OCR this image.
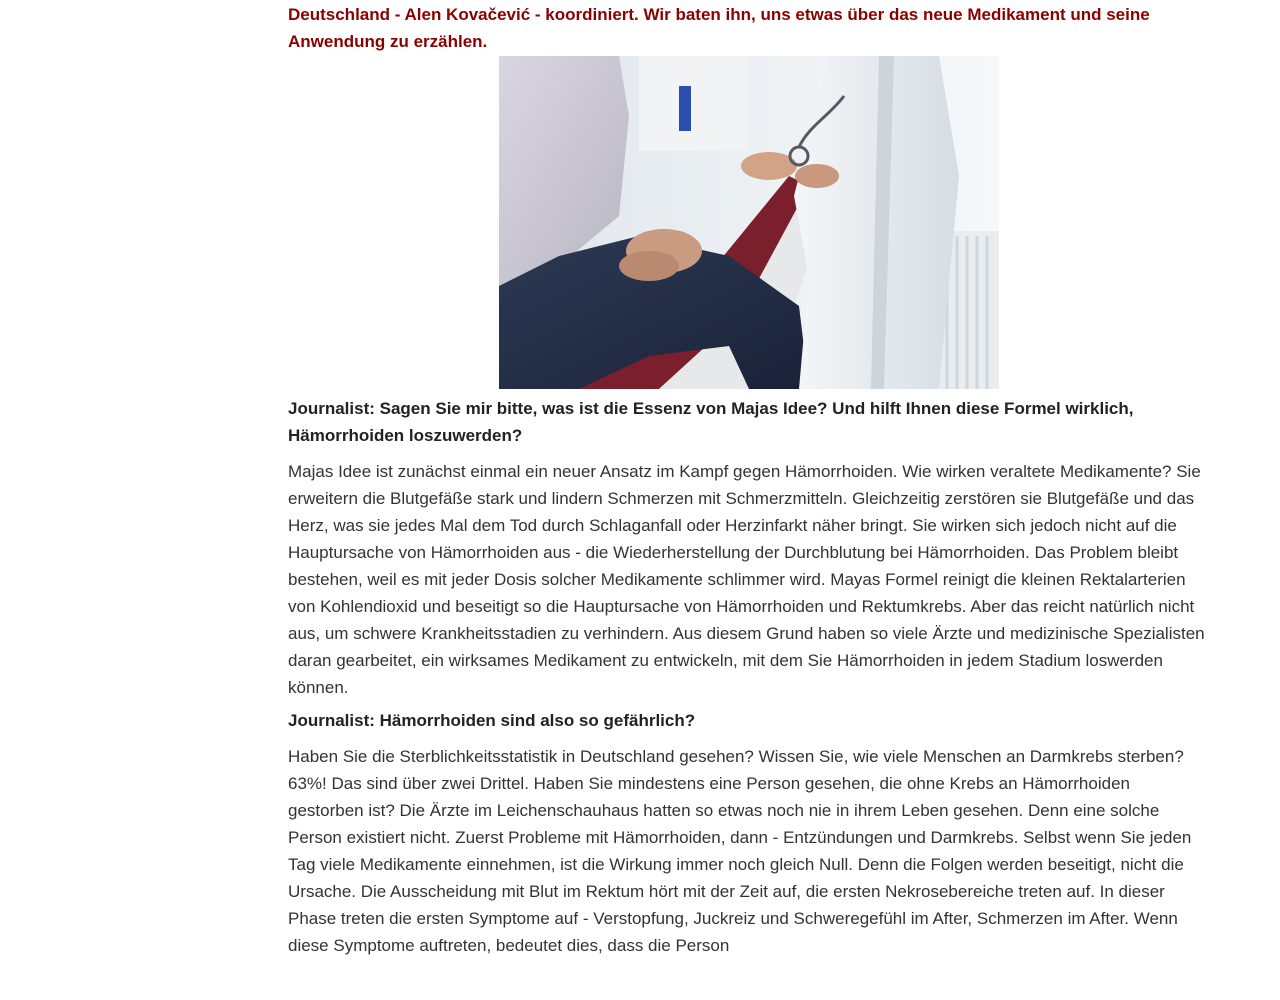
Deutschland - Alen Kovačević - koordiniert. Wir baten ihn, uns etwas über das neue Medikament und seine Anwendung zu erzählen.

Journalist: Sagen Sie mir bitte, was ist die Essenz von Majas Idee? Und hilft Ihnen diese Formel wirklich, Hämorrhoiden loszuwerden?

Majas Idee ist zunächst einmal ein neuer Ansatz im Kampf gegen Hämorrhoiden. Wie wirken veraltete Medikamente? Sie erweitern die Blutgefäße stark und lindern Schmerzen mit Schmerzmitteln. Gleichzeitig zerstören sie Blutgefäße und das Herz, was sie jedes Mal dem Tod durch Schlaganfall oder Herzinfarkt näher bringt. Sie wirken sich jedoch nicht auf die Hauptursache von Hämorrhoiden aus - die Wiederherstellung der Durchblutung bei Hämorrhoiden. Das Problem bleibt bestehen, weil es mit jeder Dosis solcher Medikamente schlimmer wird. Mayas Formel reinigt die kleinen Rektalarterien von Kohlendioxid und beseitigt so die Hauptursache von Hämorrhoiden und Rektumkrebs. Aber das reicht natürlich nicht aus, um schwere Krankheitsstadien zu verhindern. Aus diesem Grund haben so viele Ärzte und medizinische Spezialisten daran gearbeitet, ein wirksames Medikament zu entwickeln, mit dem Sie Hämorrhoiden in jedem Stadium loswerden können.

Journalist: Hämorrhoiden sind also so gefährlich?

Haben Sie die Sterblichkeitsstatistik in Deutschland gesehen? Wissen Sie, wie viele Menschen an Darmkrebs sterben? 63%! Das sind über zwei Drittel. Haben Sie mindestens eine Person gesehen, die ohne Krebs an Hämorrhoiden gestorben ist? Die Ärzte im Leichenschauhaus hatten so etwas noch nie in ihrem Leben gesehen. Denn eine solche Person existiert nicht. Zuerst Probleme mit Hämorrhoiden, dann - Entzündungen und Darmkrebs. Selbst wenn Sie jeden Tag viele Medikamente einnehmen, ist die Wirkung immer noch gleich Null. Denn die Folgen werden beseitigt, nicht die Ursache. Die Ausscheidung mit Blut im Rektum hört mit der Zeit auf, die ersten Nekrosebereiche treten auf. In dieser Phase treten die ersten Symptome auf - Verstopfung, Juckreiz und Schweregefühl im After, Schmerzen im After. Wenn diese Symptome auftreten, bedeutet dies, dass die Person
